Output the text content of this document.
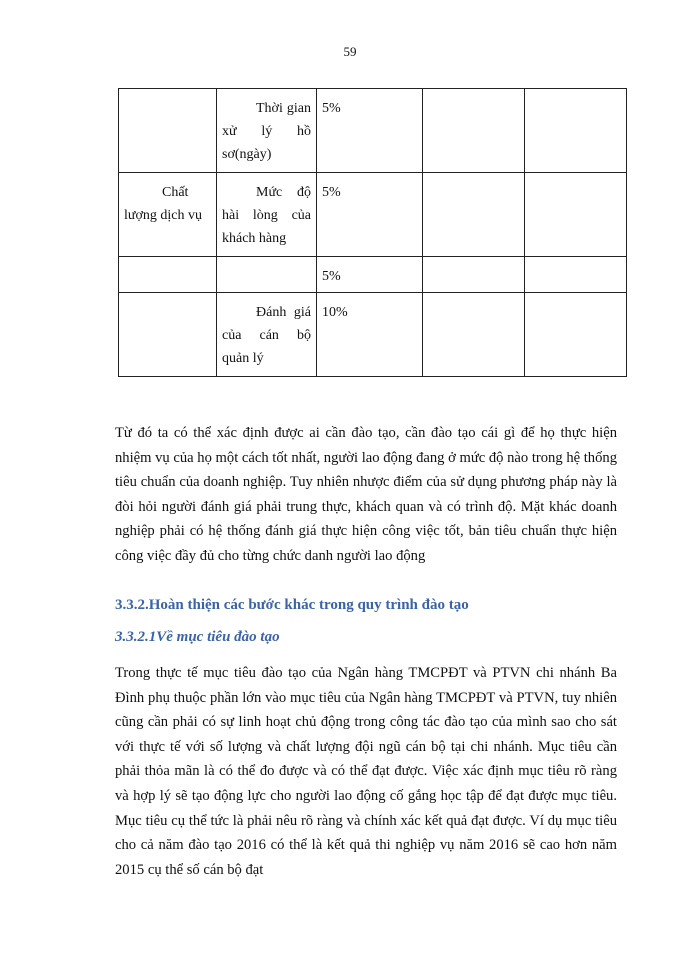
59

	Thời gian xử lý hồ sơ(ngày)	5%		

Chất lượng dịch vụ	Mức độ hài lòng của khách hàng	5%		

		5%		

	Đánh giá của cán bộ quản lý	10%		

Từ đó ta có thể xác định được ai cần đào tạo, cần đào tạo cái gì để họ thực hiện nhiệm vụ của họ một cách tốt nhất, người lao động đang ở mức độ nào trong hệ thống tiêu chuẩn của doanh nghiệp. Tuy nhiên nhược điểm của sử dụng phương pháp này là đòi hỏi người đánh giá phải trung thực, khách quan và có trình độ. Mặt khác doanh nghiệp phải có hệ thống đánh giá thực hiện công việc tốt, bản tiêu chuẩn thực hiện công việc đầy đủ cho từng chức danh người lao động

3.3.2.Hoàn thiện các bước khác trong quy trình đào tạo
3.3.2.1Về mục tiêu đào tạo

Trong thực tế mục tiêu đào tạo của Ngân hàng TMCPĐT và PTVN chi nhánh Ba Đình phụ thuộc phần lớn vào mục tiêu của Ngân hàng TMCPĐT và PTVN, tuy nhiên cũng cần phải có sự linh hoạt chủ động trong công tác đào tạo của mình sao cho sát với thực tế với số lượng và chất lượng đội ngũ cán bộ tại chi nhánh. Mục tiêu cần phải thỏa mãn là có thể đo được và có thể đạt được. Việc xác định mục tiêu rõ ràng và hợp lý sẽ tạo động lực cho người lao động cố gắng học tập để đạt được mục tiêu. Mục tiêu cụ thể tức là phải nêu rõ ràng và chính xác kết quả đạt được. Ví dụ mục tiêu cho cả năm đào tạo 2016 có thể là kết quả thi nghiệp vụ năm 2016 sẽ cao hơn năm 2015 cụ thể số cán bộ đạt
